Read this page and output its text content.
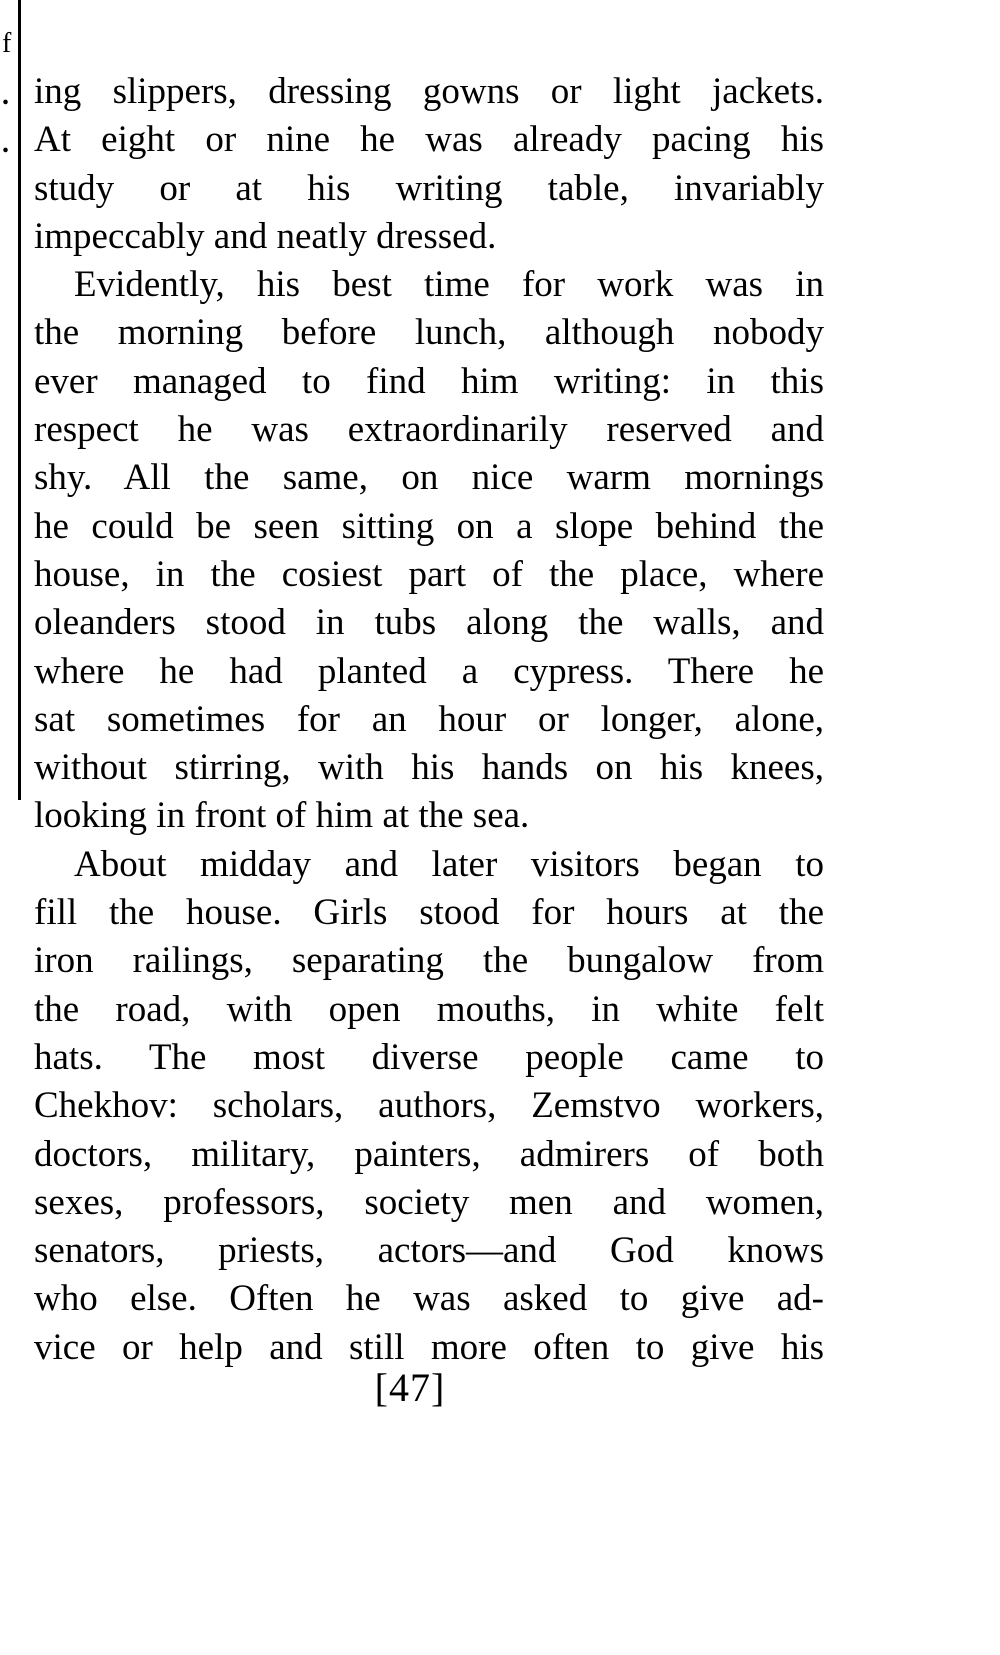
f
.
.
ing slippers, dressing gowns or light jackets.
At eight or nine he was already pacing his
study or at his writing table, invariably
impeccably and neatly dressed.
Evidently, his best time for work was in
the morning before lunch, although nobody
ever managed to find him writing: in this
respect he was extraordinarily reserved and
shy. All the same, on nice warm mornings
he could be seen sitting on a slope behind the
house, in the cosiest part of the place, where
oleanders stood in tubs along the walls, and
where he had planted a cypress. There he
sat sometimes for an hour or longer, alone,
without stirring, with his hands on his knees,
looking in front of him at the sea.
About midday and later visitors began to
fill the house. Girls stood for hours at the
iron railings, separating the bungalow from
the road, with open mouths, in white felt
hats. The most diverse people came to
Chekhov: scholars, authors, Zemstvo workers,
doctors, military, painters, admirers of both
sexes, professors, society men and women,
senators, priests, actors—and God knows
who else. Often he was asked to give ad-
vice or help and still more often to give his
[47]
